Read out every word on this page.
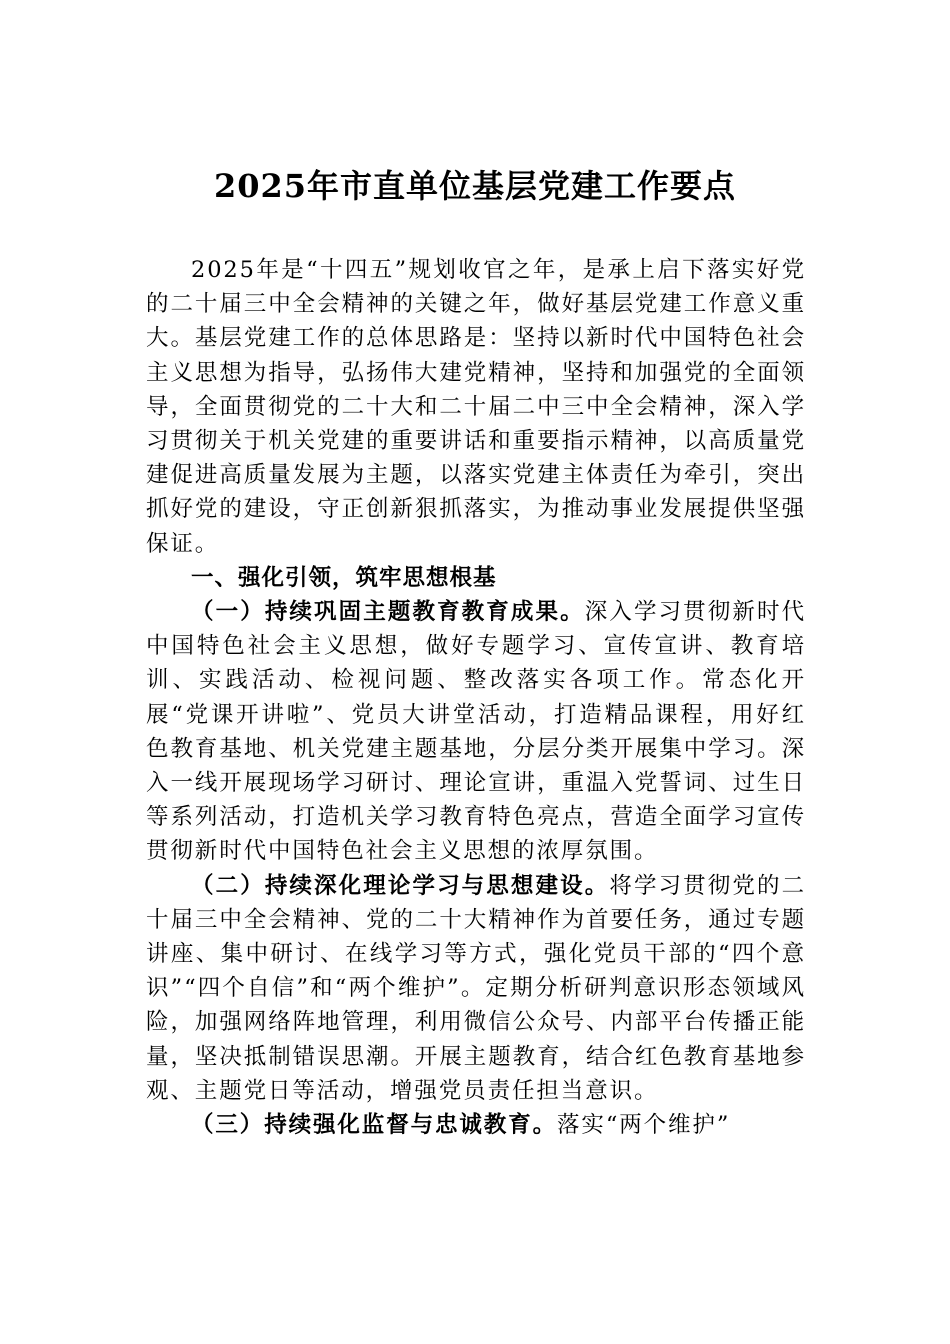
2025年市直单位基层党建工作要点

2025年是“十四五”规划收官之年，是承上启下落实好党的二十届三中全会精神的关键之年，做好基层党建工作意义重大。基层党建工作的总体思路是：坚持以新时代中国特色社会主义思想为指导，弘扬伟大建党精神，坚持和加强党的全面领导，全面贯彻党的二十大和二十届二中三中全会精神，深入学习贯彻关于机关党建的重要讲话和重要指示精神，以高质量党建促进高质量发展为主题，以落实党建主体责任为牵引，突出抓好党的建设，守正创新狠抓落实，为推动事业发展提供坚强保证。

一、强化引领，筑牢思想根基

（一）持续巩固主题教育教育成果。深入学习贯彻新时代中国特色社会主义思想，做好专题学习、宣传宣讲、教育培训、实践活动、检视问题、整改落实各项工作。常态化开展“党课开讲啦”、党员大讲堂活动，打造精品课程，用好红色教育基地、机关党建主题基地，分层分类开展集中学习。深入一线开展现场学习研讨、理论宣讲，重温入党誓词、过生日等系列活动，打造机关学习教育特色亮点，营造全面学习宣传贯彻新时代中国特色社会主义思想的浓厚氛围。

（二）持续深化理论学习与思想建设。将学习贯彻党的二十届三中全会精神、党的二十大精神作为首要任务，通过专题讲座、集中研讨、在线学习等方式，强化党员干部的“四个意识”“四个自信”和“两个维护”。定期分析研判意识形态领域风险，加强网络阵地管理，利用微信公众号、内部平台传播正能量，坚决抵制错误思潮。开展主题教育，结合红色教育基地参观、主题党日等活动，增强党员责任担当意识。

（三）持续强化监督与忠诚教育。落实“两个维护”
